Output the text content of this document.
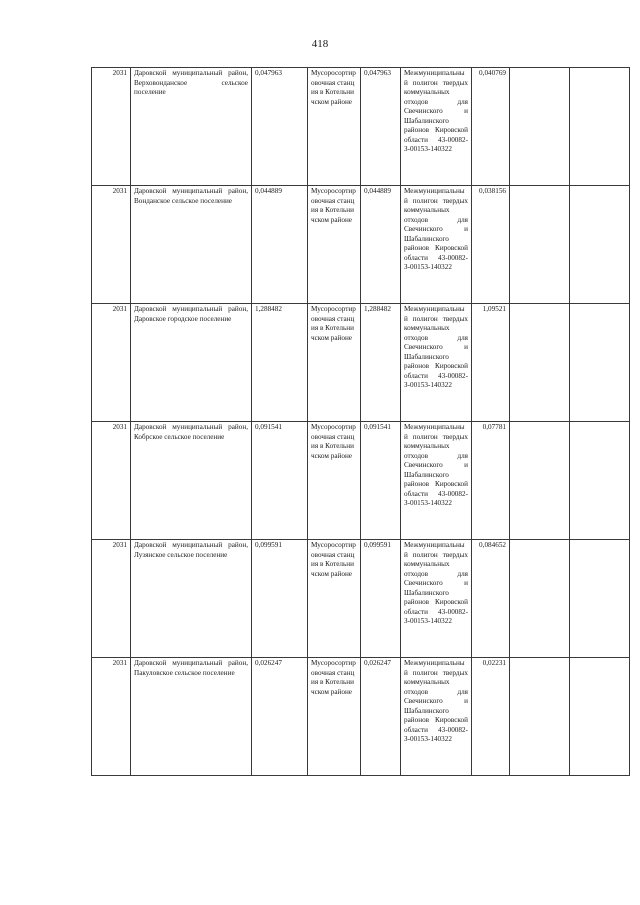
418
2031	Даровской муниципальный район, Верховонданское сельское поселение	0,047963	Мусоросортировочная станция в Котельничском районе	0,047963	Межмуниципальный полигон твердых коммунальных отходов для Свечинского и Шабалинского районов Кировской области 43-00082-З-00153-140322	0,040769		
2031	Даровской муниципальный район, Вонданское сельское поселение	0,044889	Мусоросортировочная станция в Котельничском районе	0,044889	Межмуниципальный полигон твердых коммунальных отходов для Свечинского и Шабалинского районов Кировской области 43-00082-З-00153-140322	0,038156		
2031	Даровской муниципальный район, Даровское городское поселение	1,288482	Мусоросортировочная станция в Котельничском районе	1,288482	Межмуниципальный полигон твердых коммунальных отходов для Свечинского и Шабалинского районов Кировской области 43-00082-З-00153-140322	1,09521		
2031	Даровской муниципальный район, Кобрское сельское поселение	0,091541	Мусоросортировочная станция в Котельничском районе	0,091541	Межмуниципальный полигон твердых коммунальных отходов для Свечинского и Шабалинского районов Кировской области 43-00082-З-00153-140322	0,07781		
2031	Даровской муниципальный район, Лузянское сельское поселение	0,099591	Мусоросортировочная станция в Котельничском районе	0,099591	Межмуниципальный полигон твердых коммунальных отходов для Свечинского и Шабалинского районов Кировской области 43-00082-З-00153-140322	0,084652		
2031	Даровской муниципальный район, Пакуловское сельское поселение	0,026247	Мусоросортировочная станция в Котельничском районе	0,026247	Межмуниципальный полигон твердых коммунальных отходов для Свечинского и Шабалинского районов Кировской области 43-00082-З-00153-140322	0,02231		
